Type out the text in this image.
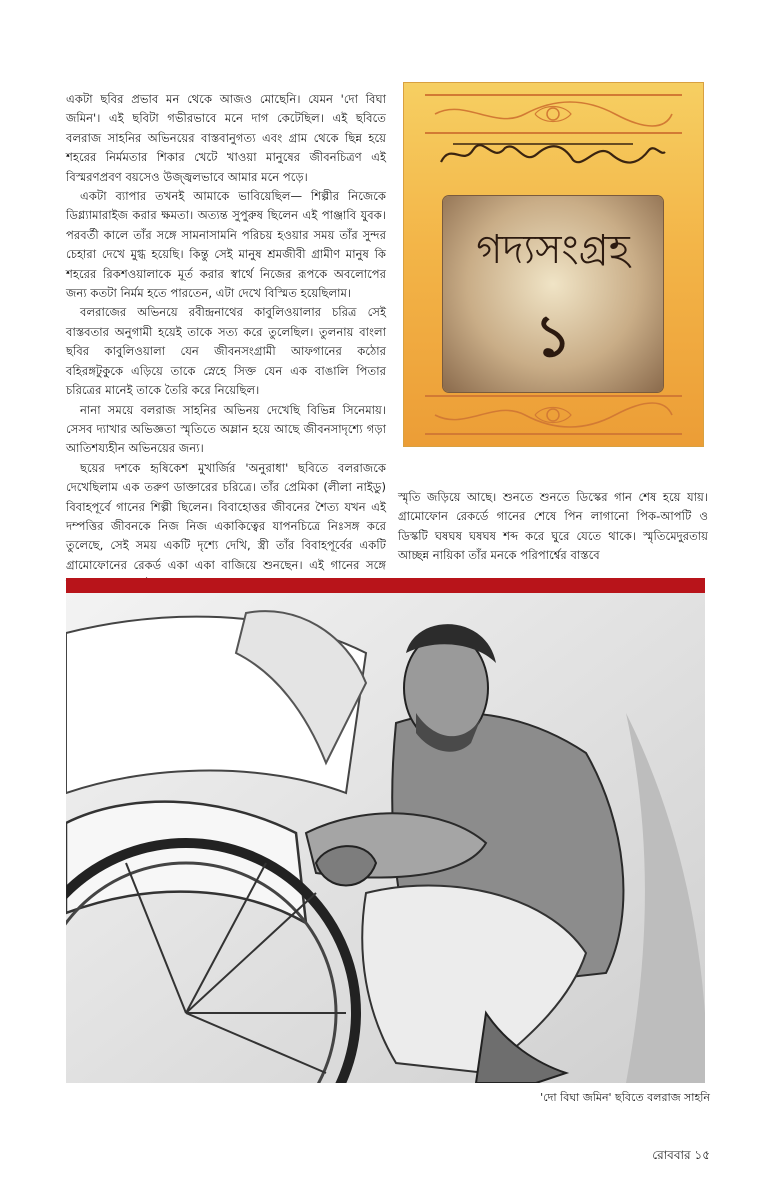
একটা ছবির প্রভাব মন থেকে আজও মোছেনি। যেমন 'দো বিঘা জমিন'। এই ছবিটা গভীরভাবে মনে দাগ কেটেছিল। এই ছবিতে বলরাজ সাহনির অভিনয়ের বাস্তবানুগত্য এবং গ্রাম থেকে ছিন্ন হয়ে শহরের নির্মমতার শিকার খেটে খাওয়া মানুষের জীবনচিত্রণ এই বিস্মরণপ্রবণ বয়সেও উজ্জ্বলভাবে আমার মনে পড়ে।

একটা ব্যাপার তখনই আমাকে ভাবিয়েছিল— শিল্পীর নিজেকে ডিগ্ল্যামারাইজ করার ক্ষমতা। অত্যন্ত সুপুরুষ ছিলেন এই পাঞ্জাবি যুবক। পরবর্তী কালে তাঁর সঙ্গে সামনাসামনি পরিচয় হওয়ার সময় তাঁর সুন্দর চেহারা দেখে মুগ্ধ হয়েছি। কিন্তু সেই মানুষ শ্রমজীবী গ্রামীণ মানুষ কি শহরের রিকশওয়ালাকে মূর্ত করার স্বার্থে নিজের রূপকে অবলোপের জন্য কতটা নির্মম হতে পারতেন, এটা দেখে বিস্মিত হয়েছিলাম।

বলরাজের অভিনয়ে রবীন্দ্রনাথের কাবুলিওয়ালার চরিত্র সেই বাস্তবতার অনুগামী হয়েই তাকে সত্য করে তুলেছিল। তুলনায় বাংলা ছবির কাবুলিওয়ালা যেন জীবনসংগ্রামী আফগানের কঠোর বহিরঙ্গটুকুকে এড়িয়ে তাকে স্নেহে সিক্ত যেন এক বাঙালি পিতার চরিত্রের মানেই তাকে তৈরি করে নিয়েছিল।

নানা সময়ে বলরাজ সাহনির অভিনয় দেখেছি বিভিন্ন সিনেমায়। সেসব দ্যাখার অভিজ্ঞতা স্মৃতিতে অম্লান হয়ে আছে জীবনসাদৃশ্যে গড়া আতিশয্যহীন অভিনয়ের জন্য।

ছয়ের দশকে হৃষিকেশ মুখার্জির 'অনুরাধা' ছবিতে বলরাজকে দেখেছিলাম এক তরুণ ডাক্তারের চরিত্রে। তাঁর প্রেমিকা (লীলা নাইডু) বিবাহপূর্বে গানের শিল্পী ছিলেন। বিবাহোত্তর জীবনের শৈত্য যখন এই দম্পত্তির জীবনকে নিজ নিজ একাকিত্বের যাপনচিত্রে নিঃসঙ্গ করে তুলেছে, সেই সময় একটি দৃশ্যে দেখি, স্ত্রী তাঁর বিবাহপূর্বের একটি গ্রামোফোনের রেকর্ড একা একা বাজিয়ে শুনছেন। এই গানের সঙ্গে

গদ্যসংগ্রহ
১

স্মৃতি জড়িয়ে আছে। শুনতে শুনতে ডিস্কের গান শেষ হয়ে যায়। গ্রামোফোন রেকর্ডে গানের শেষে পিন লাগানো পিক-আপটি ও ডিস্কটি ঘষঘষ ঘষঘষ শব্দ করে ঘুরে যেতে থাকে। স্মৃতিমেদুরতায় আচ্ছন্ন নায়িকা তাঁর মনকে পরিপার্শ্বের বাস্তবে

'দো বিঘা জমিন' ছবিতে বলরাজ সাহনি
রোববার ১৫
